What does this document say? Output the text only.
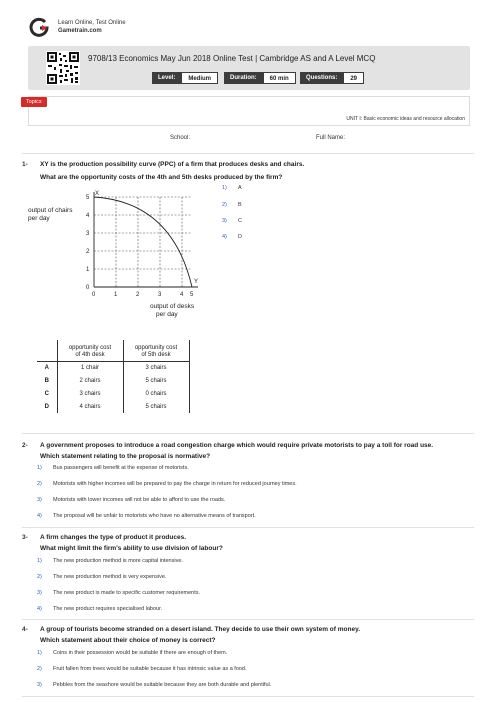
Learn Online, Test Online
Gametrain.com
9708/13 Economics May Jun 2018 Online Test | Cambridge AS and A Level MCQ
Level:	Medium	Duration:	60 min	Questions:	29
Topics
UNIT I: Basic economic ideas and resource allocation
School:	Full Name:
1- XY is the production possibility curve (PPC) of a firm that produces desks and chairs.
What are the opportunity costs of the 4th and 5th desks produced by the firm?
X
Y
output of chairs
per day
output of desks
per day
5
4
3
2
1
0
0	1	2	3	4 5
1) A
2) B
3) C
4) D
	opportunity cost
of 4th desk	opportunity cost
of 5th desk
A	1 chair	3 chairs
B	2 chairs	5 chairs
C	3 chairs	0 chairs
D	4 chairs	5 chairs
2- A government proposes to introduce a road congestion charge which would require private motorists to pay a toll for road use.
Which statement relating to the proposal is normative?
1) Bus passengers will benefit at the expense of motorists.
2) Motorists with higher incomes will be prepared to pay the charge in return for reduced journey times.
3) Motorists with lower incomes will not be able to afford to use the roads.
4) The proposal will be unfair to motorists who have no alternative means of transport.
3- A firm changes the type of product it produces.
What might limit the firm's ability to use division of labour?
1) The new production method is more capital intensive.
2) The new production method is very expensive.
3) The new product is made to specific customer requirements.
4) The new product requires specialised labour.
4- A group of tourists become stranded on a desert island. They decide to use their own system of money.
Which statement about their choice of money is correct?
1) Coins in their possession would be suitable if there are enough of them.
2) Fruit fallen from trees would be suitable because it has intrinsic value as a food.
3) Pebbles from the seashore would be suitable because they are both durable and plentiful.
